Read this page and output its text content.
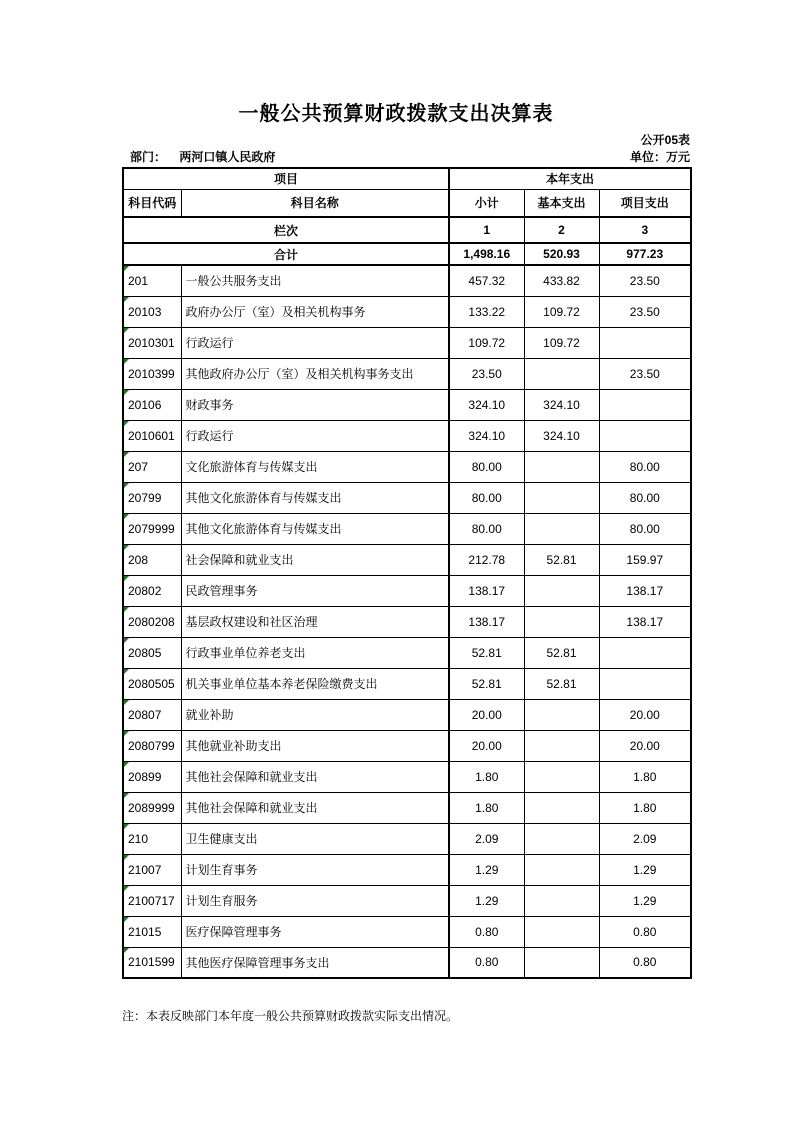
一般公共预算财政拨款支出决算表
公开05表
部门： 两河口镇人民政府	单位：万元
项目		本年支出		
科目代码	科目名称	小计	基本支出	项目支出
栏次		1	2	3
合计		1,498.16	520.93	977.23

201	一般公共服务支出	457.32	433.82	23.50

20103	政府办公厅（室）及相关机构事务	133.22	109.72	23.50

2010301	行政运行	109.72	109.72	

2010399	其他政府办公厅（室）及相关机构事务支出	23.50		23.50

20106	财政事务	324.10	324.10	

2010601	行政运行	324.10	324.10	

207	文化旅游体育与传媒支出	80.00		80.00

20799	其他文化旅游体育与传媒支出	80.00		80.00

2079999	其他文化旅游体育与传媒支出	80.00		80.00

208	社会保障和就业支出	212.78	52.81	159.97

20802	民政管理事务	138.17		138.17

2080208	基层政权建设和社区治理	138.17		138.17

20805	行政事业单位养老支出	52.81	52.81	

2080505	机关事业单位基本养老保险缴费支出	52.81	52.81	

20807	就业补助	20.00		20.00

2080799	其他就业补助支出	20.00		20.00

20899	其他社会保障和就业支出	1.80		1.80

2089999	其他社会保障和就业支出	1.80		1.80

210	卫生健康支出	2.09		2.09

21007	计划生育事务	1.29		1.29

2100717	计划生育服务	1.29		1.29

21015	医疗保障管理事务	0.80		0.80

2101599	其他医疗保障管理事务支出	0.80		0.80
注：本表反映部门本年度一般公共预算财政拨款实际支出情况。
